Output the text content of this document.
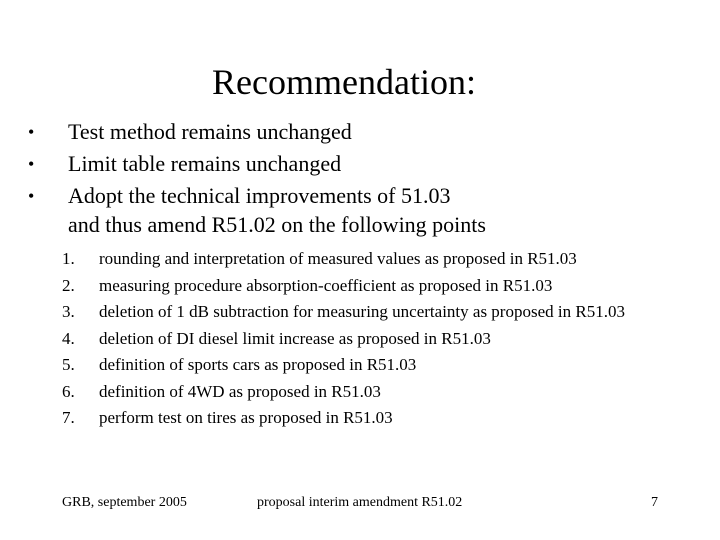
Recommendation:
• Test method remains unchanged
• Limit table remains unchanged
• Adopt the technical improvements of 51.03
and thus amend R51.02 on the following points
1. rounding and interpretation of measured values as proposed in R51.03
2. measuring procedure absorption-coefficient as proposed in R51.03
3. deletion of 1 dB subtraction for measuring uncertainty as proposed in R51.03
4. deletion of DI diesel limit increase as proposed in R51.03
5. definition of sports cars as proposed in R51.03
6. definition of 4WD as proposed in R51.03
7. perform test on tires as proposed in R51.03
GRB, september 2005	proposal interim amendment R51.02	7
